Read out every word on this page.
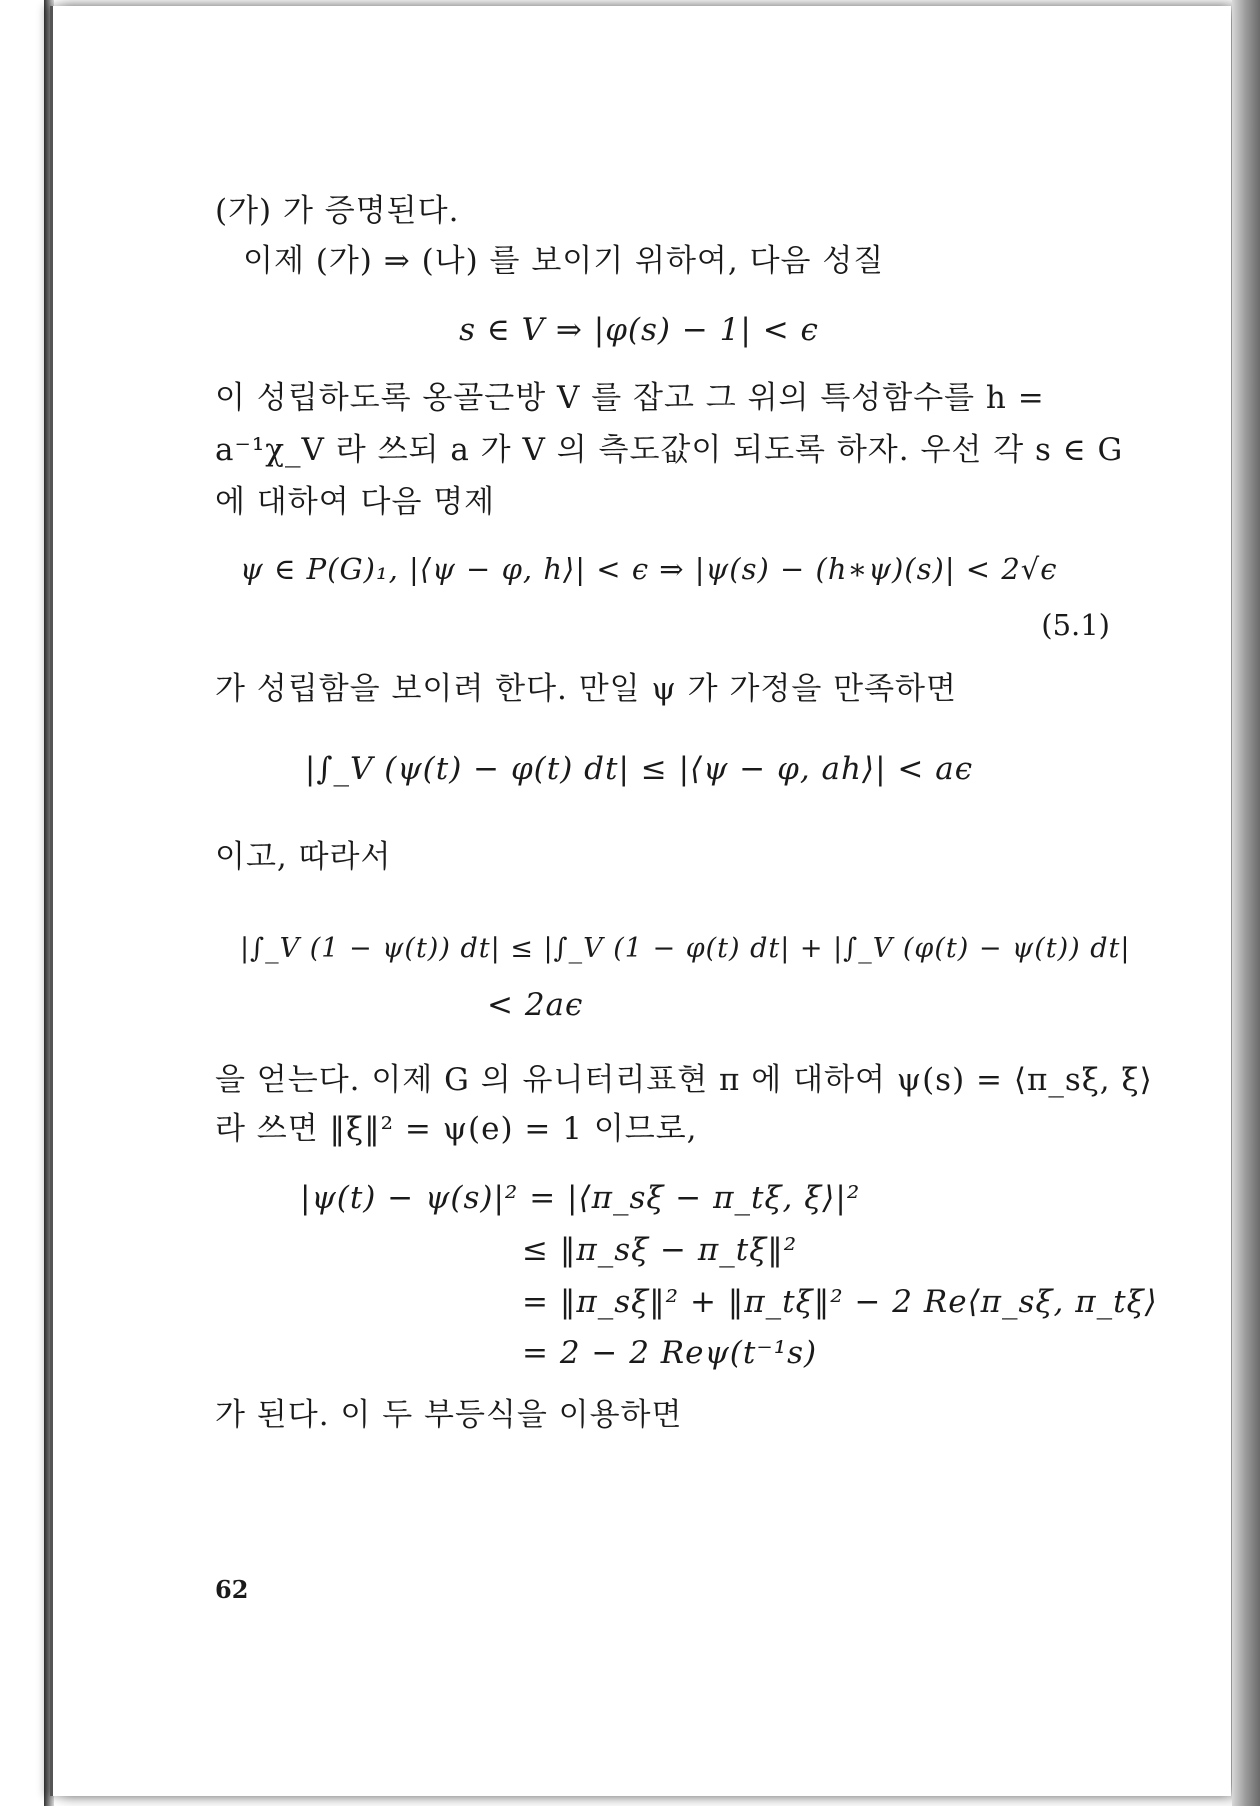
(가) 가 증명된다.
이제 (가) ⇒ (나) 를 보이기 위하여, 다음 성질
s ∈ V ⇒ |φ(s) − 1| < ϵ
이 성립하도록 옹골근방 V 를 잡고 그 위의 특성함수를 h =
a⁻¹χ_V 라 쓰되 a 가 V 의 측도값이 되도록 하자. 우선 각 s ∈ G
에 대하여 다음 명제
ψ ∈ P(G)₁, |⟨ψ − φ, h⟩| < ϵ ⇒ |ψ(s) − (h∗ψ)(s)| < 2√ϵ
(5.1)
가 성립함을 보이려 한다. 만일 ψ 가 가정을 만족하면
|∫_V (ψ(t) − φ(t) dt| ≤ |⟨ψ − φ, ah⟩| < aϵ
이고, 따라서
|∫_V (1 − ψ(t)) dt| ≤ |∫_V (1 − φ(t) dt| + |∫_V (φ(t) − ψ(t)) dt|
< 2aϵ
을 얻는다. 이제 G 의 유니터리표현 π 에 대하여 ψ(s) = ⟨π_sξ, ξ⟩
라 쓰면 ‖ξ‖² = ψ(e) = 1 이므로,
|ψ(t) − ψ(s)|² = |⟨π_sξ − π_tξ, ξ⟩|²
≤ ‖π_sξ − π_tξ‖²
= ‖π_sξ‖² + ‖π_tξ‖² − 2 Re⟨π_sξ, π_tξ⟩
= 2 − 2 Reψ(t⁻¹s)
가 된다. 이 두 부등식을 이용하면
62
